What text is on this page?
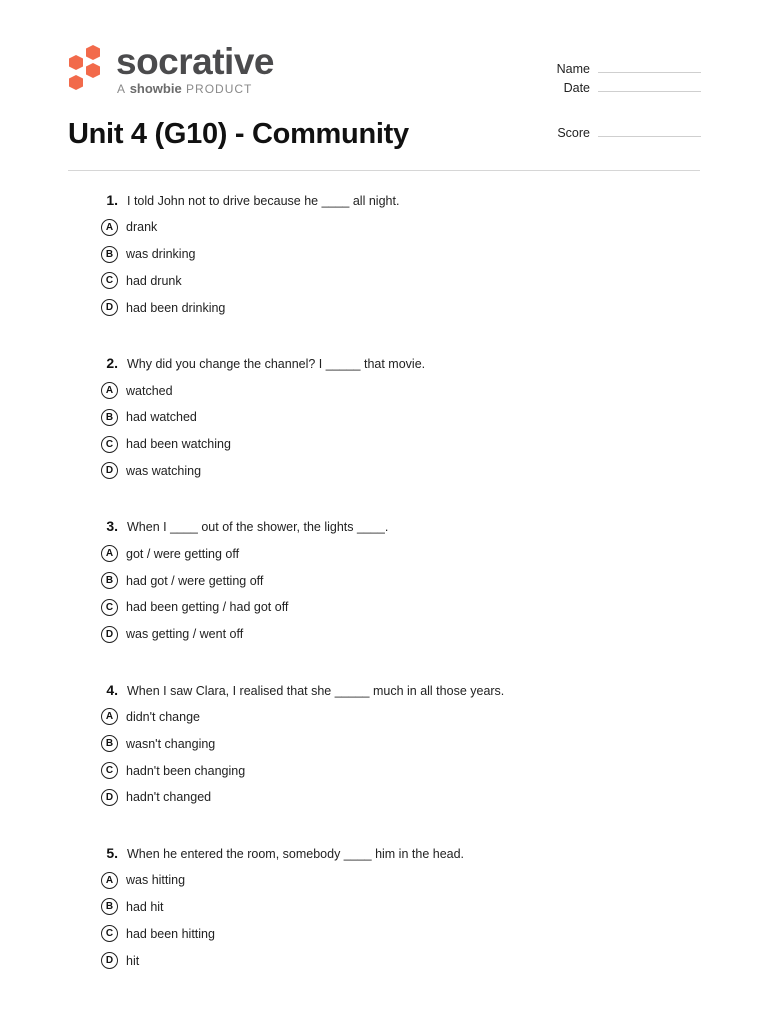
socrative
A showbie PRODUCT
Name
Date
Score
Unit 4 (G10) - Community
1. I told John not to drive because he ____ all night.
A	drank
B	was drinking
C	had drunk
D	had been drinking
2. Why did you change the channel? I _____ that movie.
A	watched
B	had watched
C	had been watching
D	was watching
3. When I ____ out of the shower, the lights ____.
A	got / were getting off
B	had got / were getting off
C	had been getting / had got off
D	was getting / went off
4. When I saw Clara, I realised that she _____ much in all those years.
A	didn't change
B	wasn't changing
C	hadn't been changing
D	hadn't changed
5. When he entered the room, somebody ____ him in the head.
A	was hitting
B	had hit
C	had been hitting
D	hit
